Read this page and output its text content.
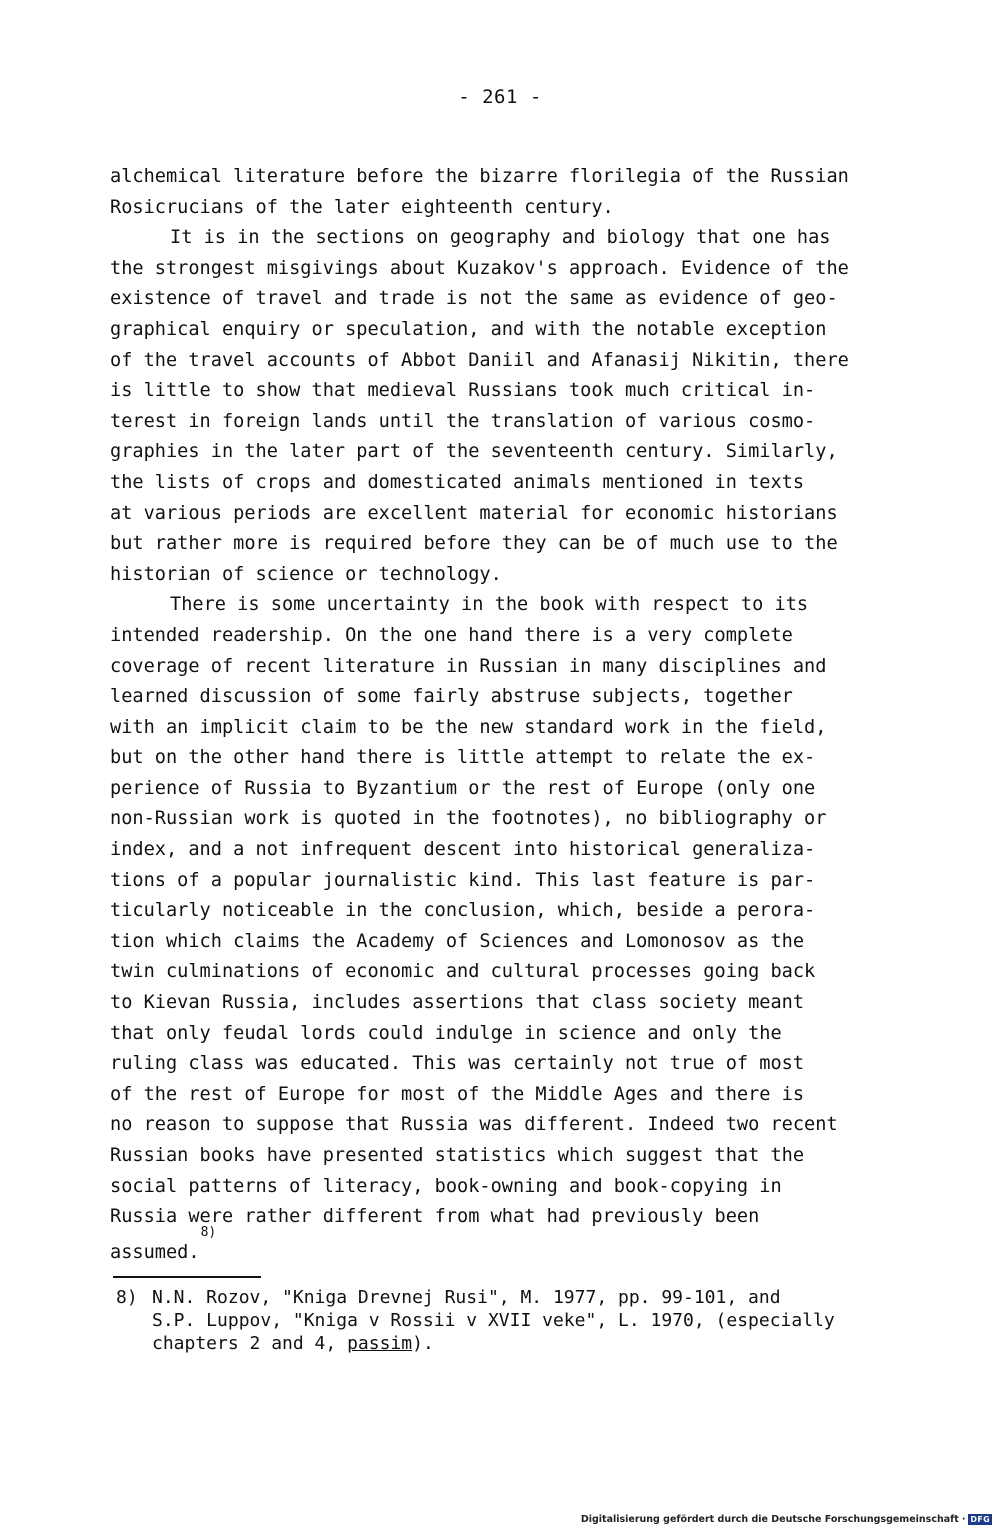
- 261 -
alchemical literature before the bizarre florilegia of the Russian
Rosicrucians of the later eighteenth century.
It is in the sections on geography and biology that one has
the strongest misgivings about Kuzakov's approach. Evidence of the
existence of travel and trade is not the same as evidence of geo-
graphical enquiry or speculation, and with the notable exception
of the travel accounts of Abbot Daniil and Afanasij Nikitin, there
is little to show that medieval Russians took much critical in-
terest in foreign lands until the translation of various cosmo-
graphies in the later part of the seventeenth century. Similarly,
the lists of crops and domesticated animals mentioned in texts
at various periods are excellent material for economic historians
but rather more is required before they can be of much use to the
historian of science or technology.
There is some uncertainty in the book with respect to its
intended readership. On the one hand there is a very complete
coverage of recent literature in Russian in many disciplines and
learned discussion of some fairly abstruse subjects, together
with an implicit claim to be the new standard work in the field,
but on the other hand there is little attempt to relate the ex-
perience of Russia to Byzantium or the rest of Europe (only one
non-Russian work is quoted in the footnotes), no bibliography or
index, and a not infrequent descent into historical generaliza-
tions of a popular journalistic kind. This last feature is par-
ticularly noticeable in the conclusion, which, beside a perora-
tion which claims the Academy of Sciences and Lomonosov as the
twin culminations of economic and cultural processes going back
to Kievan Russia, includes assertions that class society meant
that only feudal lords could indulge in science and only the
ruling class was educated. This was certainly not true of most
of the rest of Europe for most of the Middle Ages and there is
no reason to suppose that Russia was different. Indeed two recent
Russian books have presented statistics which suggest that the
social patterns of literacy, book-owning and book-copying in
Russia were rather different from what had previously been
assumed.$^{8)}$
8) N.N. Rozov, "Kniga Drevnej Rusi", M. 1977, pp. 99-101, and
S.P. Luppov, "Kniga v Rossii v XVII veke", L. 1970, (especially
chapters 2 and 4, passim).
Digitalisierung gefördert durch die Deutsche Forschungsgemeinschaft · DFG
